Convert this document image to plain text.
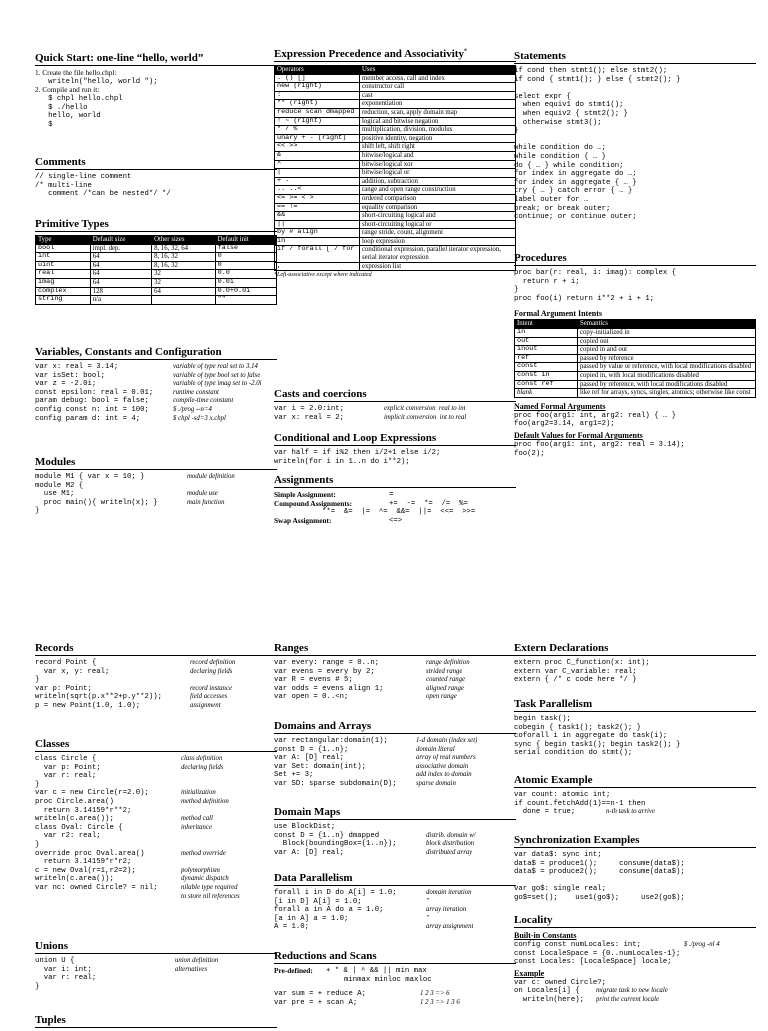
Quick Start: one-line “hello, world”
1. Create the file hello.chpl:
writeln("hello, world ");
2. Compile and run it:
$ chpl hello.chpl
$ ./hello
hello, world
$
Comments
// single-line comment
/* multi-line
comment /*can be nested*/ */
Primitive Types
Type	Default size	Other sizes	Default init
bool	impl. dep.	8, 16, 32, 64	false
int	64	8, 16, 32	0
uint	64	8, 16, 32	0
real	64	32	0.0
imag	64	32	0.0i
complex	128	64	0.0+0.0i
string	n/a		""
Variables, Constants and Configuration
var x: real = 3.14;	variable of type real set to 3.14
var isSet: bool;	variable of type bool set to false
var z = -2.0i;	variable of type imag set to -2.0i
const epsilon: real = 0.01;	runtime constant
param debug: bool = false;	compile-time constant
config const n: int = 100;	$ ./prog --n=4
config param d: int = 4;	$ chpl -sd=3 x.chpl
Modules
module M1 { var x = 10; }	module definition
module M2 {
use M1;	module use
proc main(){ writeln(x); }	main function
}
Records
record Point {	record definition
var x, y: real;	declaring fields
}
var p: Point;	record instance
writeln(sqrt(p.x**2+p.y**2));	field accesses
p = new Point(1.0, 1.0);	assignment
Classes
class Circle {	class definition
var p: Point;	declaring fields
var r: real;
}
var c = new Circle(r=2.0);	initialization
proc Circle.area()	method definition
return 3.14159*r**2;
writeln(c.area());	method call
class Oval: Circle {	inheritance
var r2: real;
}
override proc Oval.area()	method override
return 3.14159*r*r2;
c = new Oval(r=1,r2=2);	polymorphism
writeln(c.area());	dynamic dispatch
var nc: owned Circle? = nil;	nilable type required
to store nil references
Unions
union U {	union definition
var i: int;	alternatives
var r: real;
}
Tuples
Expression Precedence and Associativity*
Operators	Uses
. () []	member access, call and index
new (right)	constructor call
:	cast
** (right)	exponentiation
reduce scan dmapped	reduction, scan, apply domain map
! ~ (right)	logical and bitwise negation
* / %	multiplication, division, modulus
unary + - (right)	positive identity, negation
<< >>	shift left, shift right
&	bitwise/logical and
^	bitwise/logical xor
|	bitwise/logical or
+ -	addition, subtraction
.. ..<	range and open range construction
<= >= < >	ordered comparison
== !=	equality comparison
&&	short-circuiting logical and
||	short-circuiting logical or
by # align	range stride, count, alignment
in	loop expression
if / forall [ / for	conditional expression, parallel iterator expression, serial iterator expression
,	expression list
*Left-associative except where indicated
Casts and coercions
var i = 2.0:int;	explicit conversion  real to int
var x: real = 2;	implicit conversion  int to real
Conditional and Loop Expressions
var half = if i%2 then i/2+1 else i/2;
writeln(for i in 1..n do i**2);
Assignments
Simple Assignment:	=
Compound Assignments:	+=  -=  *=  /=  %=
**=  &=  |=  ^=  &&=  ||=  <<=  >>=
Swap Assignment:	<=>
Ranges
var every: range = 0..n;	range definition
var evens = every by 2;	strided range
var R = evens # 5;	counted range
var odds = evens align 1;	aligned range
var open = 0..<n;	open range
Domains and Arrays
var rectangular:domain(1);	1-d domain (index set)
const D = {1..n};	domain literal
var A: [D] real;	array of real numbers
var Set: domain(int);	associative domain
Set += 3;	add index to domain
var SD: sparse subdomain(D);	sparse domain
Domain Maps
use BlockDist;
const D = {1..n} dmapped	distrib. domain w/
Block(boundingBox={1..n});	block distribution
var A: [D] real;	distributed array
Data Parallelism
forall i in D do A[i] = 1.0;	domain iteration
[i in D] A[i] = 1.0;	"
forall a in A do a = 1.0;	array iteration
[a in A] a = 1.0;	"
A = 1.0;	array assignment
Reductions and Scans
Pre-defined:	+ * & | ^ && || min max
minmax minloc maxloc
var sum = + reduce A;	1 2 3 => 6
var pre = + scan A;	1 2 3 => 1 3 6
Statements
if cond then stmt1(); else stmt2();
if cond { stmt1(); } else { stmt2(); }

select expr {
when equiv1 do stmt1();
when equiv2 { stmt2(); }
otherwise stmt3();
}

while condition do …;
while condition { … }
do { … } while condition;
for index in aggregate do …;
for index in aggregate { … }
try { … } catch error { … }
label outer for …
break; or break outer;
continue; or continue outer;
Procedures
proc bar(r: real, i: imag): complex {
return r + i;
}
proc foo(i) return i**2 + i + 1;
Formal Argument Intents
Intent	Semantics
in	copy-initialized in
out	copied out
inout	copied in and out
ref	passed by reference
const	passed by value or reference, with local modifications disabled
const in	copied in, with local modifications disabled
const ref	passed by reference, with local modifications disabled
blank	like ref for arrays, syncs, singles, atomics; otherwise like const
Named Formal Arguments
proc foo(arg1: int, arg2: real) { … }
foo(arg2=3.14, arg1=2);
Default Values for Formal Arguments
proc foo(arg1: int, arg2: real = 3.14);
foo(2);
Extern Declarations
extern proc C_function(x: int);
extern var C_variable: real;
extern { /* c code here */ }
Task Parallelism
begin task();
cobegin { task1(); task2(); }
coforall i in aggregate do task(i);
sync { begin task1(); begin task2(); }
serial condition do stmt();
Atomic Example
var count: atomic int;
if count.fetchAdd(1)==n-1 then
done = true;	n-th task to arrive
Synchronization Examples
var data$: sync int;
data$ = produce1();     consume(data$);
data$ = produce2();     consume(data$);

var go$: single real;
go$=set();    use1(go$);     use2(go$);
Locality
Built-in Constants
config const numLocales: int;	$ ./prog -nl 4
const LocaleSpace = {0..numLocales-1};
const Locales: [LocaleSpace] locale;
Example
var c: owned Circle?;
on Locales[i] {	migrate task to new locale
writeln(here);	print the current locale
